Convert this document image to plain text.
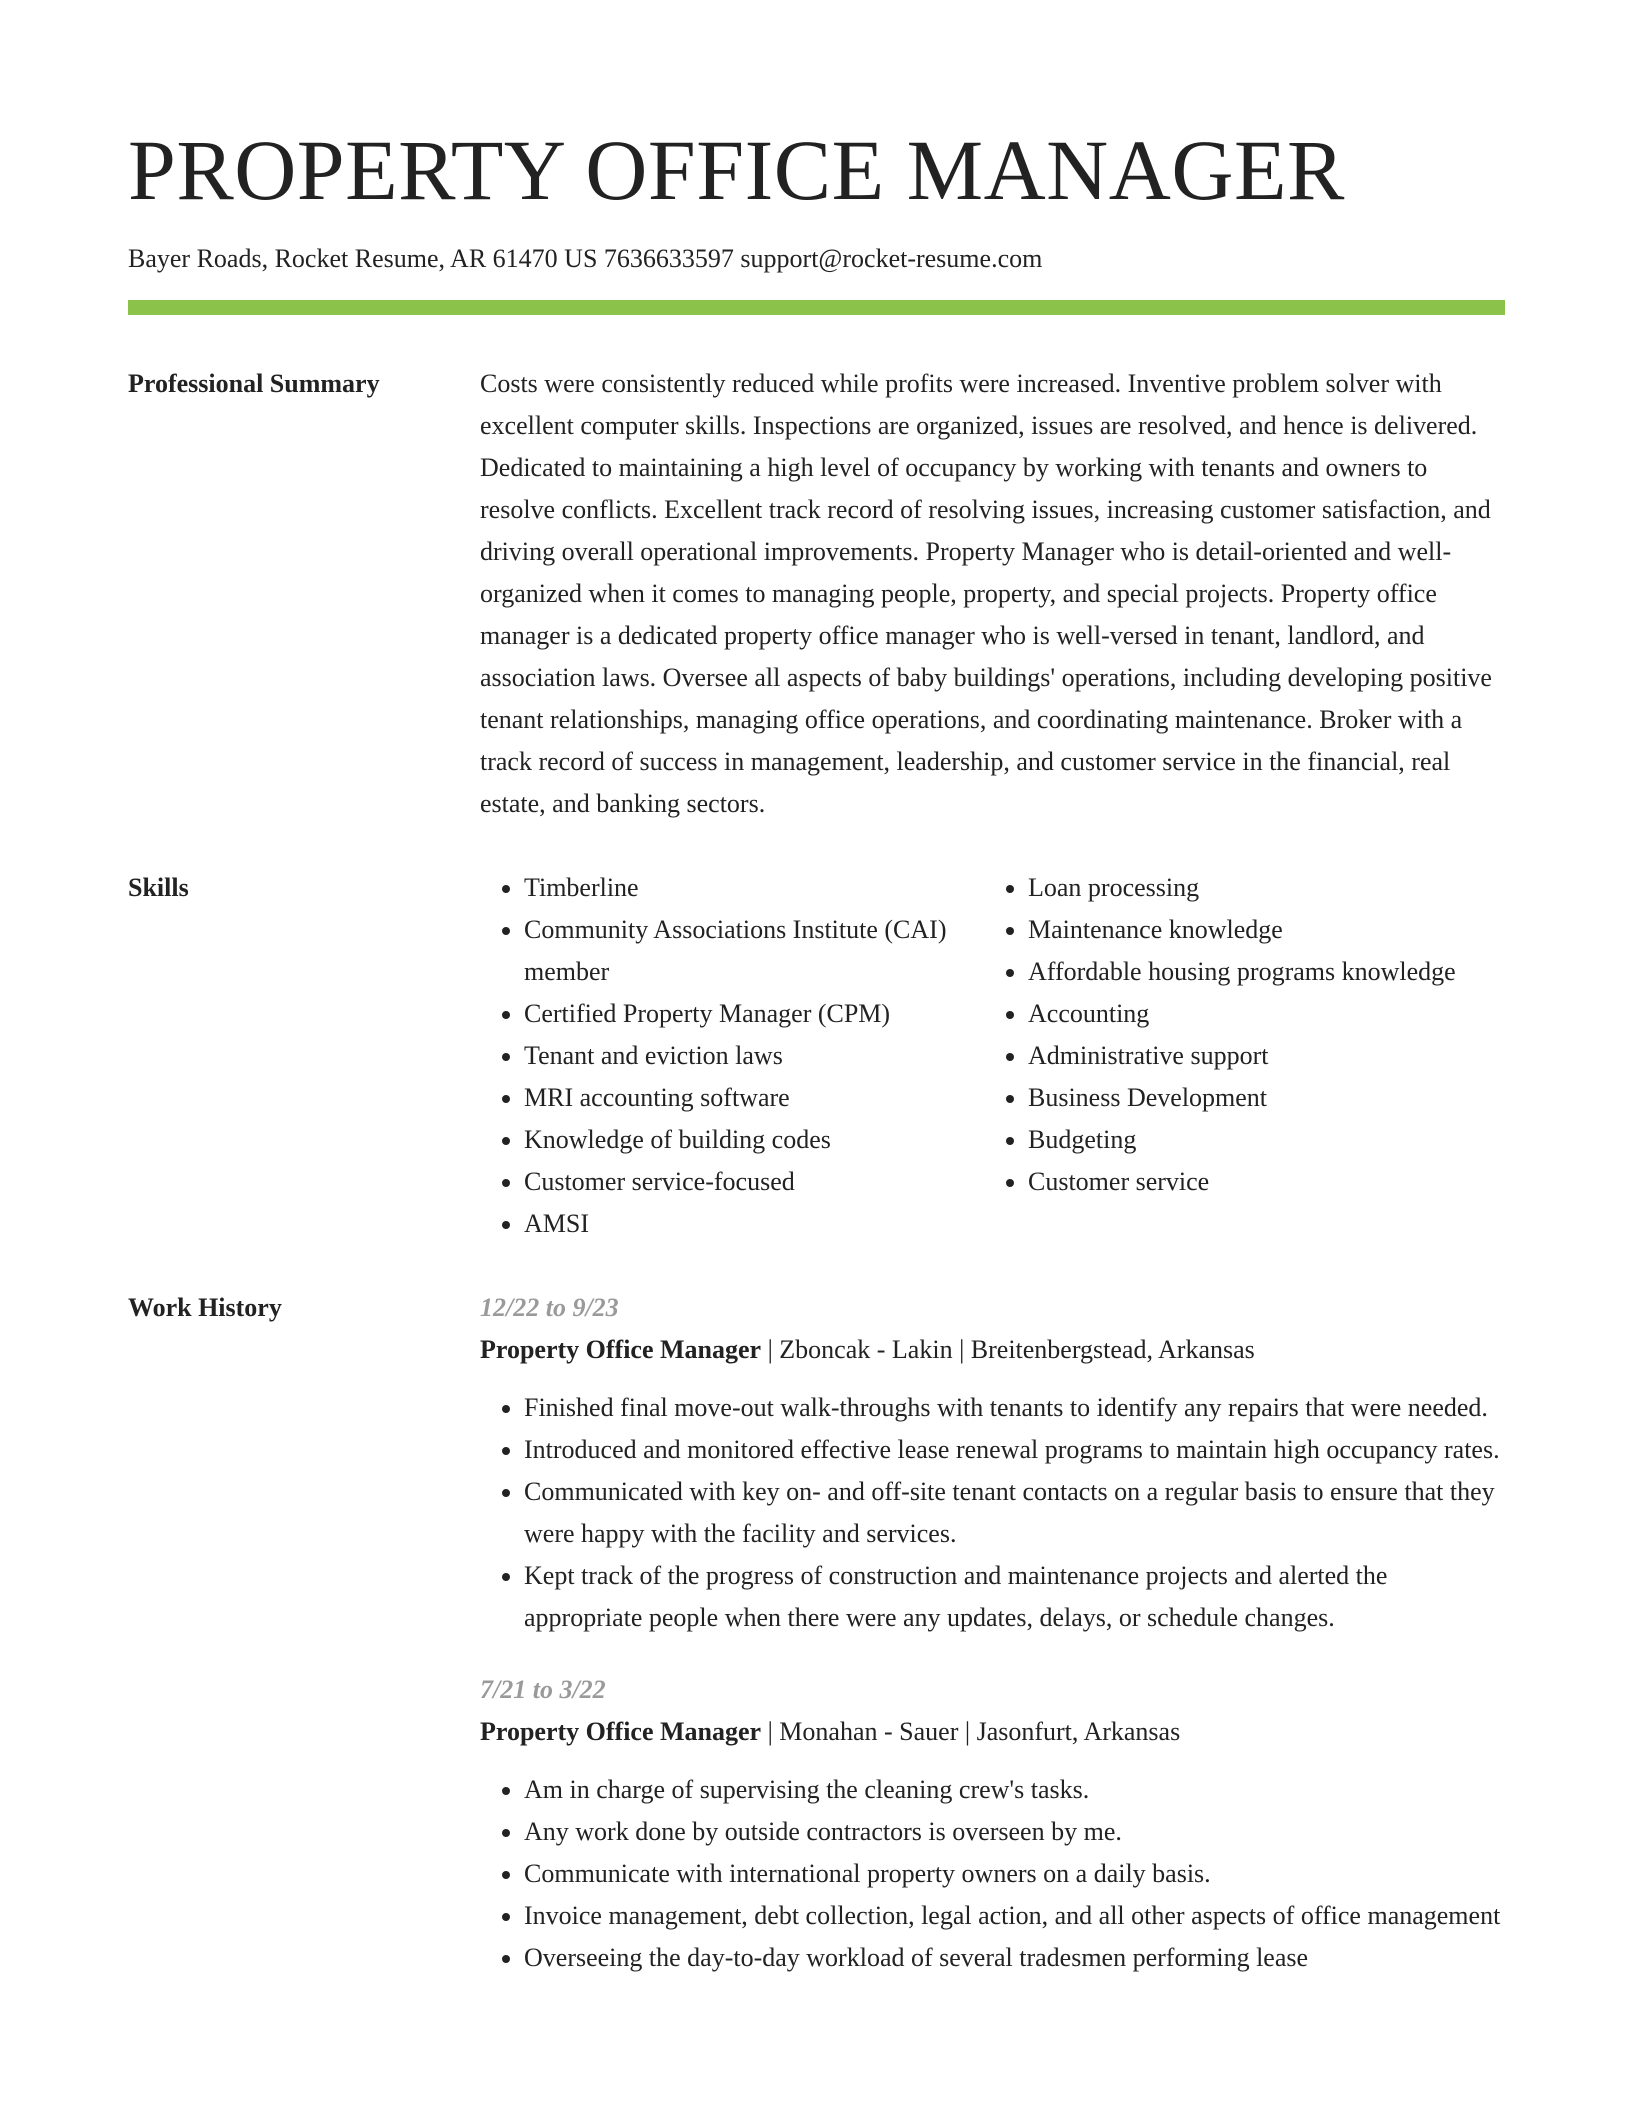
PROPERTY OFFICE MANAGER
Bayer Roads, Rocket Resume, AR 61470 US 7636633597 support@rocket-resume.com
Professional Summary	Costs were consistently reduced while profits were increased. Inventive problem solver with excellent computer skills. Inspections are organized, issues are resolved, and hence is delivered. Dedicated to maintaining a high level of occupancy by working with tenants and owners to resolve conflicts. Excellent track record of resolving issues, increasing customer satisfaction, and driving overall operational improvements. Property Manager who is detail-oriented and well-organized when it comes to managing people, property, and special projects. Property office manager is a dedicated property office manager who is well-versed in tenant, landlord, and association laws. Oversee all aspects of baby buildings' operations, including developing positive tenant relationships, managing office operations, and coordinating maintenance. Broker with a track record of success in management, leadership, and customer service in the financial, real estate, and banking sectors.

Skills
•	Timberline
• Community Associations Institute (CAI) member
• Certified Property Manager (CPM)
• Tenant and eviction laws
• MRI accounting software
• Knowledge of building codes
• Customer service-focused
• AMSI
• Loan processing
• Maintenance knowledge
• Affordable housing programs knowledge
• Accounting
• Administrative support
• Business Development
• Budgeting
• Customer service
Work History	12/22 to 9/23
Property Office Manager | Zboncak - Lakin | Breitenbergstead, Arkansas
• Finished final move-out walk-throughs with tenants to identify any repairs that were needed.
• Introduced and monitored effective lease renewal programs to maintain high occupancy rates.
• Communicated with key on- and off-site tenant contacts on a regular basis to ensure that they were happy with the facility and services.
• Kept track of the progress of construction and maintenance projects and alerted the appropriate people when there were any updates, delays, or schedule changes.
7/21 to 3/22
Property Office Manager | Monahan - Sauer | Jasonfurt, Arkansas
• Am in charge of supervising the cleaning crew's tasks.
• Any work done by outside contractors is overseen by me.
• Communicate with international property owners on a daily basis.
• Invoice management, debt collection, legal action, and all other aspects of office management
• Overseeing the day-to-day workload of several tradesmen performing lease
